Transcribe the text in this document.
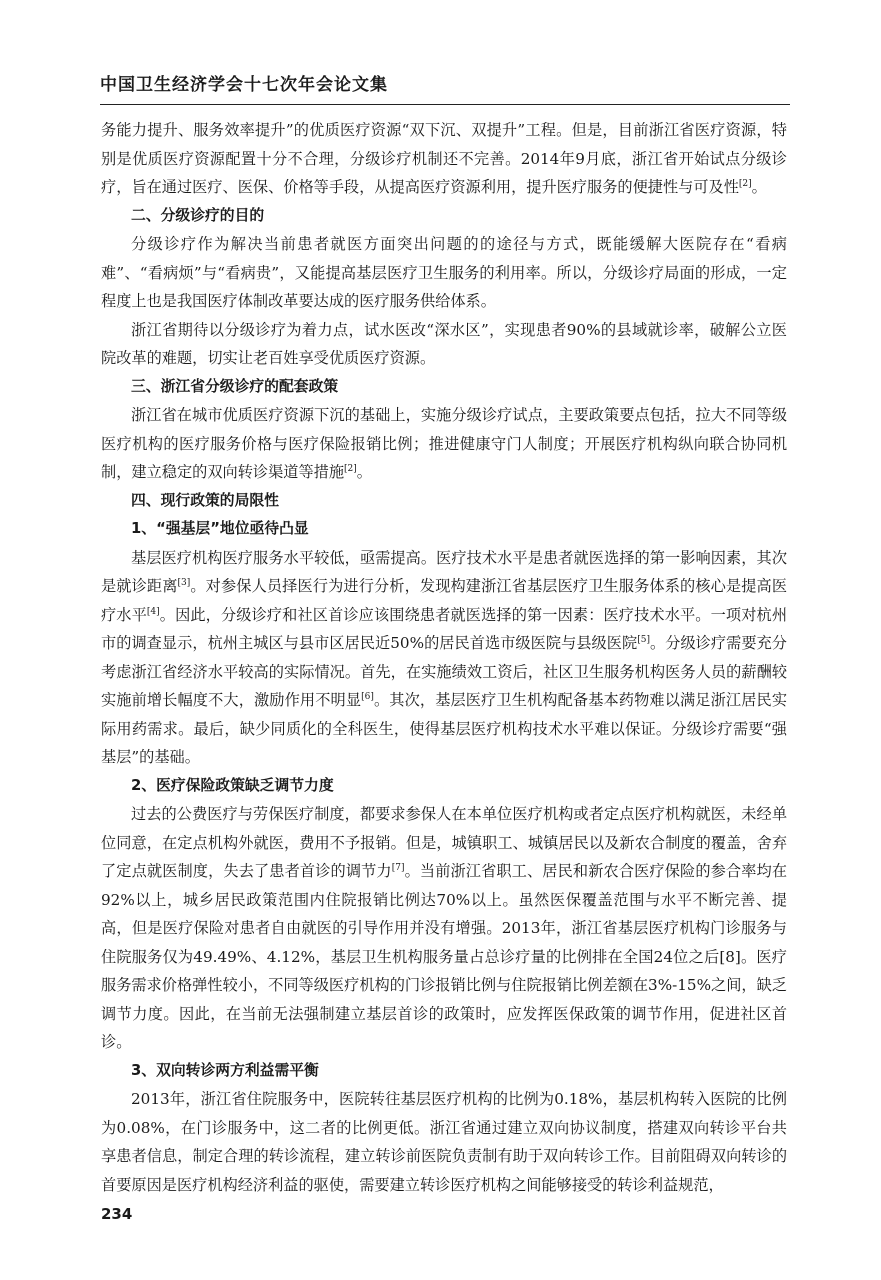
中国卫生经济学会十七次年会论文集

务能力提升、服务效率提升”的优质医疗资源“双下沉、双提升”工程。但是，目前浙江省医疗资源，特别是优质医疗资源配置十分不合理，分级诊疗机制还不完善。2014年9月底，浙江省开始试点分级诊疗，旨在通过医疗、医保、价格等手段，从提高医疗资源利用，提升医疗服务的便捷性与可及性[2]。

二、分级诊疗的目的

分级诊疗作为解决当前患者就医方面突出问题的的途径与方式，既能缓解大医院存在“看病难”、“看病烦”与“看病贵”，又能提高基层医疗卫生服务的利用率。所以，分级诊疗局面的形成，一定程度上也是我国医疗体制改革要达成的医疗服务供给体系。

浙江省期待以分级诊疗为着力点，试水医改“深水区”，实现患者90%的县域就诊率，破解公立医院改革的难题，切实让老百姓享受优质医疗资源。

三、浙江省分级诊疗的配套政策

浙江省在城市优质医疗资源下沉的基础上，实施分级诊疗试点，主要政策要点包括，拉大不同等级医疗机构的医疗服务价格与医疗保险报销比例；推进健康守门人制度；开展医疗机构纵向联合协同机制，建立稳定的双向转诊渠道等措施[2]。

四、现行政策的局限性

1、“强基层”地位亟待凸显

基层医疗机构医疗服务水平较低，亟需提高。医疗技术水平是患者就医选择的第一影响因素，其次是就诊距离[3]。对参保人员择医行为进行分析，发现构建浙江省基层医疗卫生服务体系的核心是提高医疗水平[4]。因此，分级诊疗和社区首诊应该围绕患者就医选择的第一因素：医疗技术水平。一项对杭州市的调查显示，杭州主城区与县市区居民近50%的居民首选市级医院与县级医院[5]。分级诊疗需要充分考虑浙江省经济水平较高的实际情况。首先，在实施绩效工资后，社区卫生服务机构医务人员的薪酬较实施前增长幅度不大，激励作用不明显[6]。其次，基层医疗卫生机构配备基本药物难以满足浙江居民实际用药需求。最后，缺少同质化的全科医生，使得基层医疗机构技术水平难以保证。分级诊疗需要“强基层”的基础。

2、医疗保险政策缺乏调节力度

过去的公费医疗与劳保医疗制度，都要求参保人在本单位医疗机构或者定点医疗机构就医，未经单位同意，在定点机构外就医，费用不予报销。但是，城镇职工、城镇居民以及新农合制度的覆盖，舍弃了定点就医制度，失去了患者首诊的调节力[7]。当前浙江省职工、居民和新农合医疗保险的参合率均在92%以上，城乡居民政策范围内住院报销比例达70%以上。虽然医保覆盖范围与水平不断完善、提高，但是医疗保险对患者自由就医的引导作用并没有增强。2013年，浙江省基层医疗机构门诊服务与住院服务仅为49.49%、4.12%，基层卫生机构服务量占总诊疗量的比例排在全国24位之后[8]。医疗服务需求价格弹性较小，不同等级医疗机构的门诊报销比例与住院报销比例差额在3%-15%之间，缺乏调节力度。因此，在当前无法强制建立基层首诊的政策时，应发挥医保政策的调节作用，促进社区首诊。

3、双向转诊两方利益需平衡

2013年，浙江省住院服务中，医院转往基层医疗机构的比例为0.18%，基层机构转入医院的比例为0.08%，在门诊服务中，这二者的比例更低。浙江省通过建立双向协议制度，搭建双向转诊平台共享患者信息，制定合理的转诊流程，建立转诊前医院负责制有助于双向转诊工作。目前阻碍双向转诊的首要原因是医疗机构经济利益的驱使，需要建立转诊医疗机构之间能够接受的转诊利益规范，

234
